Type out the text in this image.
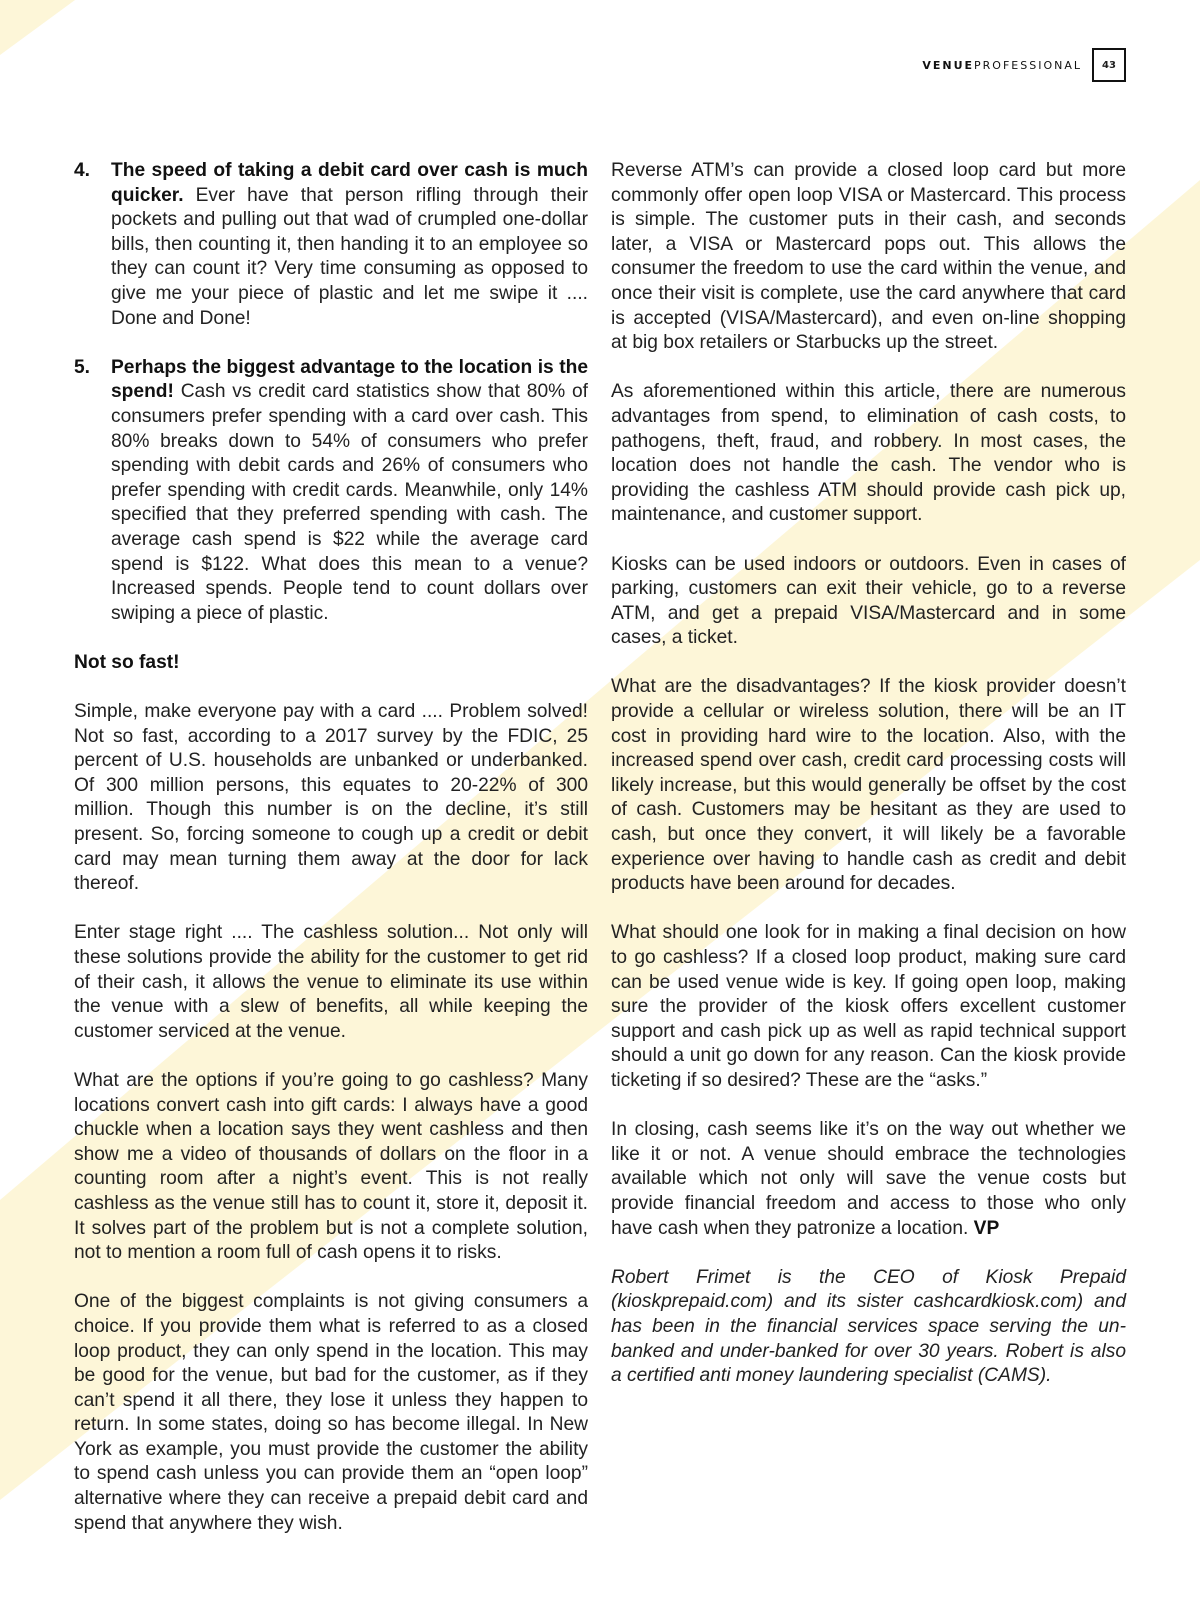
VENUEPROFESSIONAL	43
4.	The speed of taking a debit card over cash is much quicker. Ever have that person rifling through their pockets and pulling out that wad of crumpled one-dollar bills, then counting it, then handing it to an employee so they can count it? Very time consuming as opposed to give me your piece of plastic and let me swipe it .... Done and Done!
5.	Perhaps the biggest advantage to the location is the spend! Cash vs credit card statistics show that 80% of consumers prefer spending with a card over cash. This 80% breaks down to 54% of consumers who prefer spending with debit cards and 26% of consumers who prefer spending with credit cards. Meanwhile, only 14% specified that they preferred spending with cash. The average cash spend is $22 while the average card spend is $122. What does this mean to a venue? Increased spends. People tend to count dollars over swiping a piece of plastic.
Not so fast!

Simple, make everyone pay with a card .... Problem solved! Not so fast, according to a 2017 survey by the FDIC, 25 percent of U.S. households are unbanked or underbanked. Of 300 million persons, this equates to 20-22% of 300 million. Though this number is on the decline, it’s still present. So, forcing someone to cough up a credit or debit card may mean turning them away at the door for lack thereof.

Enter stage right .... The cashless solution... Not only will these solutions provide the ability for the customer to get rid of their cash, it allows the venue to eliminate its use within the venue with a slew of benefits, all while keeping the customer serviced at the venue.

What are the options if you’re going to go cashless? Many locations convert cash into gift cards: I always have a good chuckle when a location says they went cashless and then show me a video of thousands of dollars on the floor in a counting room after a night’s event. This is not really cashless as the venue still has to count it, store it, deposit it. It solves part of the problem but is not a complete solution, not to mention a room full of cash opens it to risks.

One of the biggest complaints is not giving consumers a choice. If you provide them what is referred to as a closed loop product, they can only spend in the location. This may be good for the venue, but bad for the customer, as if they can’t spend it all there, they lose it unless they happen to return. In some states, doing so has become illegal. In New York as example, you must provide the customer the ability to spend cash unless you can provide them an “open loop” alternative where they can receive a prepaid debit card and spend that anywhere they wish.

Reverse ATM’s can provide a closed loop card but more commonly offer open loop VISA or Mastercard. This process is simple. The customer puts in their cash, and seconds later, a VISA or Mastercard pops out. This allows the consumer the freedom to use the card within the venue, and once their visit is complete, use the card anywhere that card is accepted (VISA/Mastercard), and even on-line shopping at big box retailers or Starbucks up the street.

As aforementioned within this article, there are numerous advantages from spend, to elimination of cash costs, to pathogens, theft, fraud, and robbery. In most cases, the location does not handle the cash. The vendor who is providing the cashless ATM should provide cash pick up, maintenance, and customer support.

Kiosks can be used indoors or outdoors. Even in cases of parking, customers can exit their vehicle, go to a reverse ATM, and get a prepaid VISA/Mastercard and in some cases, a ticket.

What are the disadvantages? If the kiosk provider doesn’t provide a cellular or wireless solution, there will be an IT cost in providing hard wire to the location. Also, with the increased spend over cash, credit card processing costs will likely increase, but this would generally be offset by the cost of cash. Customers may be hesitant as they are used to cash, but once they convert, it will likely be a favorable experience over having to handle cash as credit and debit products have been around for decades.

What should one look for in making a final decision on how to go cashless? If a closed loop product, making sure card can be used venue wide is key. If going open loop, making sure the provider of the kiosk offers excellent customer support and cash pick up as well as rapid technical support should a unit go down for any reason. Can the kiosk provide ticketing if so desired? These are the “asks.”

In closing, cash seems like it’s on the way out whether we like it or not. A venue should embrace the technologies available which not only will save the venue costs but provide financial freedom and access to those who only have cash when they patronize a location. VP

Robert Frimet is the CEO of Kiosk Prepaid (kioskprepaid.com) and its sister cashcardkiosk.com) and has been in the financial services space serving the un-banked and under-banked for over 30 years. Robert is also a certified anti money laundering specialist (CAMS).
